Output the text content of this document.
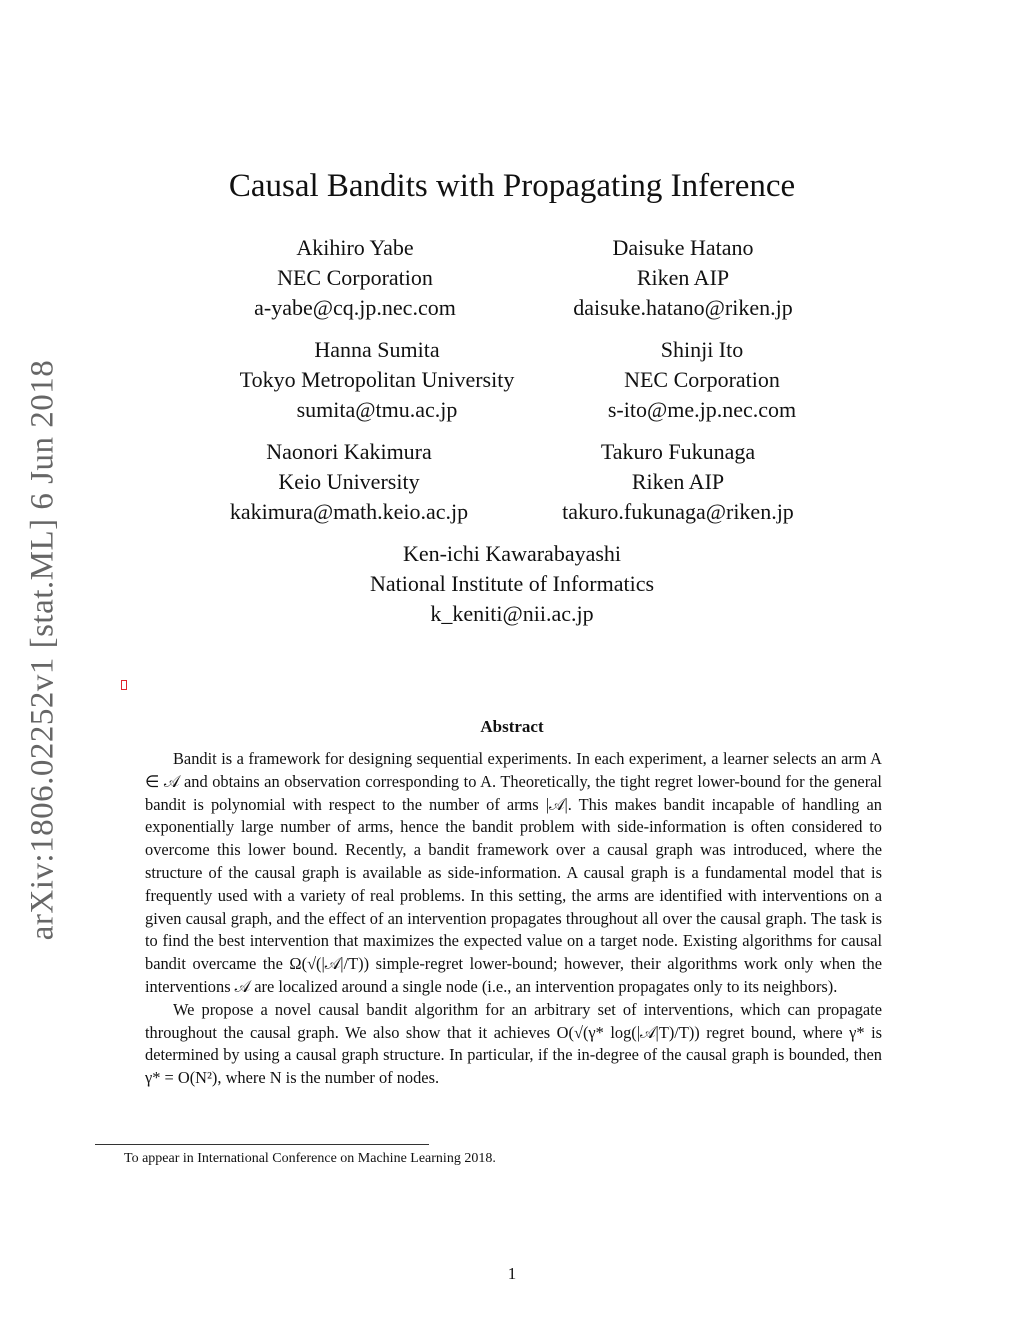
arXiv:1806.02252v1 [stat.ML] 6 Jun 2018
Causal Bandits with Propagating Inference
Akihiro Yabe
NEC Corporation
a-yabe@cq.jp.nec.com
Daisuke Hatano
Riken AIP
daisuke.hatano@riken.jp
Hanna Sumita
Tokyo Metropolitan University
sumita@tmu.ac.jp
Shinji Ito
NEC Corporation
s-ito@me.jp.nec.com
Naonori Kakimura
Keio University
kakimura@math.keio.ac.jp
Takuro Fukunaga
Riken AIP
takuro.fukunaga@riken.jp
Ken-ichi Kawarabayashi
National Institute of Informatics
k_keniti@nii.ac.jp
Abstract

Bandit is a framework for designing sequential experiments. In each experiment, a learner selects an arm A ∈ 𝒜 and obtains an observation corresponding to A. Theoretically, the tight regret lower-bound for the general bandit is polynomial with respect to the number of arms |𝒜|. This makes bandit incapable of handling an exponentially large number of arms, hence the bandit problem with side-information is often considered to overcome this lower bound. Recently, a bandit framework over a causal graph was introduced, where the structure of the causal graph is available as side-information. A causal graph is a fundamental model that is frequently used with a variety of real problems. In this setting, the arms are identified with interventions on a given causal graph, and the effect of an intervention propagates throughout all over the causal graph. The task is to find the best intervention that maximizes the expected value on a target node. Existing algorithms for causal bandit overcame the Ω(√(|𝒜|/T)) simple-regret lower-bound; however, their algorithms work only when the interventions 𝒜 are localized around a single node (i.e., an intervention propagates only to its neighbors).

We propose a novel causal bandit algorithm for an arbitrary set of interventions, which can propagate throughout the causal graph. We also show that it achieves O(√(γ* log(|𝒜|T)/T)) regret bound, where γ* is determined by using a causal graph structure. In particular, if the in-degree of the causal graph is bounded, then γ* = O(N²), where N is the number of nodes.

To appear in International Conference on Machine Learning 2018.
1
